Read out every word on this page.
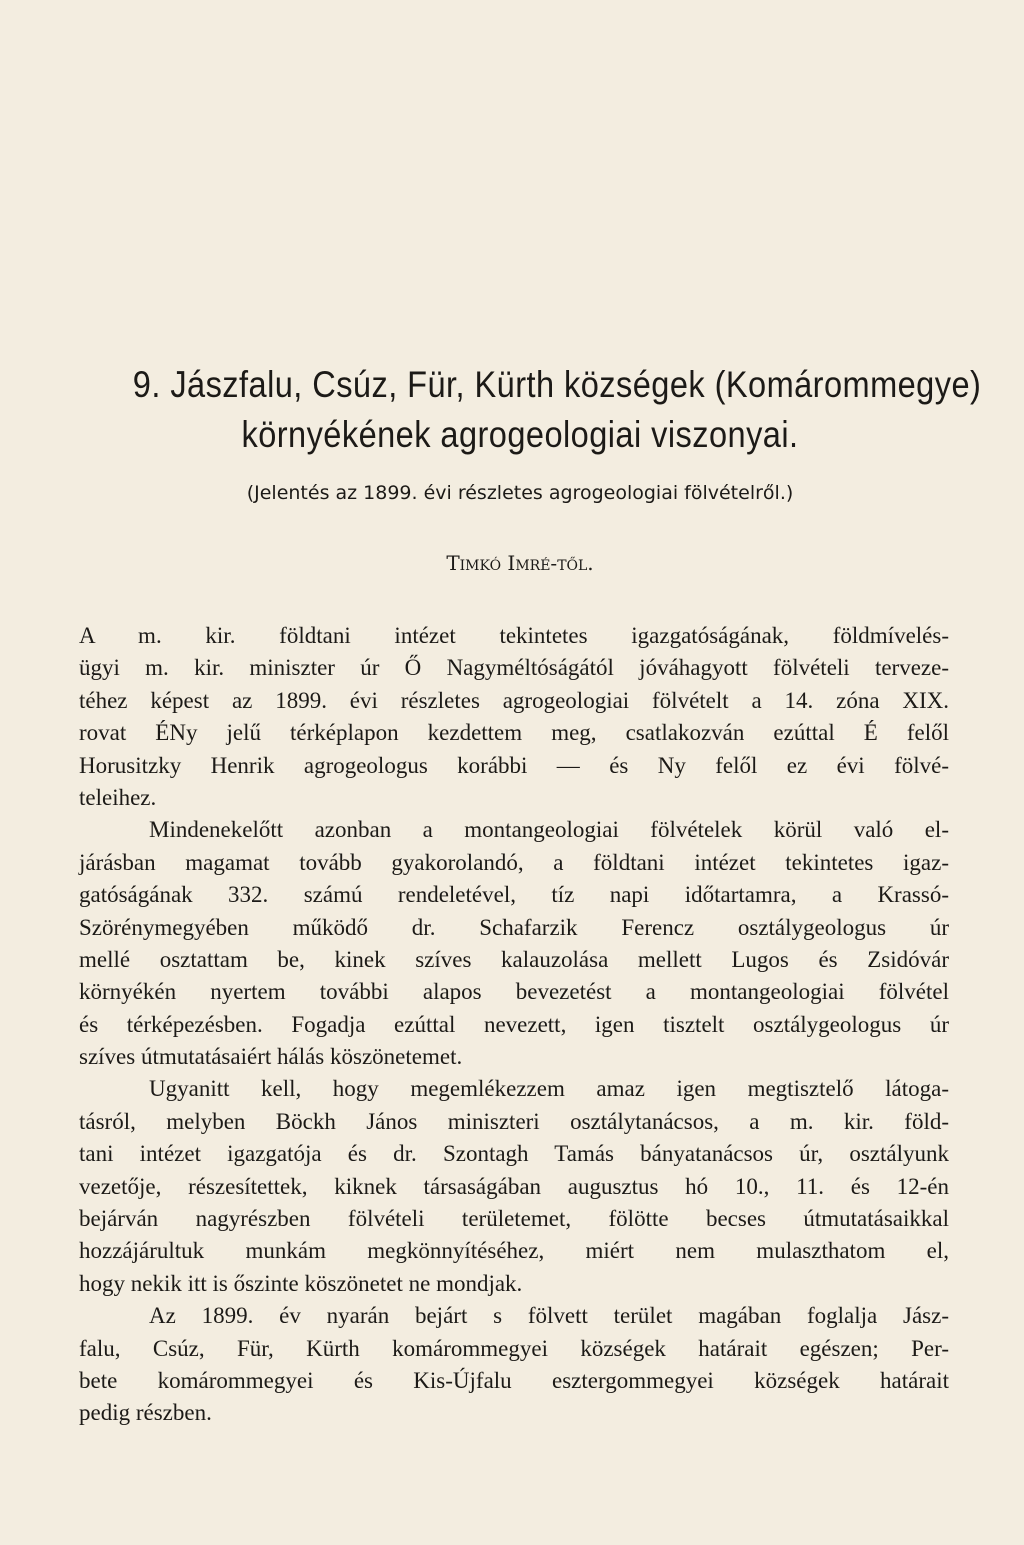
9. Jászfalu, Csúz, Für, Kürth községek (Komárommegye)
környékének agrogeologiai viszonyai.
(Jelentés az 1899. évi részletes agrogeologiai fölvételről.)
Timkó Imré-től.
A m. kir. földtani intézet tekintetes igazgatóságának, földmívelés-
ügyi m. kir. miniszter úr Ő Nagyméltóságától jóváhagyott fölvételi terveze-
téhez képest az 1899. évi részletes agrogeologiai fölvételt a 14. zóna XIX.
rovat ÉNy jelű térképlapon kezdettem meg, csatlakozván ezúttal É felől
Horusitzky Henrik agrogeologus korábbi — és Ny felől ez évi fölvé-
teleihez.
Mindenekelőtt azonban a montangeologiai fölvételek körül való el-
járásban magamat tovább gyakorolandó, a földtani intézet tekintetes igaz-
gatóságának 332. számú rendeletével, tíz napi időtartamra, a Krassó-
Szörénymegyében működő dr. Schafarzik Ferencz osztálygeologus úr
mellé osztattam be, kinek szíves kalauzolása mellett Lugos és Zsidóvár
környékén nyertem további alapos bevezetést a montangeologiai fölvétel
és térképezésben. Fogadja ezúttal nevezett, igen tisztelt osztálygeologus úr
szíves útmutatásaiért hálás köszönetemet.
Ugyanitt kell, hogy megemlékezzem amaz igen megtisztelő látoga-
tásról, melyben Böckh János miniszteri osztálytanácsos, a m. kir. föld-
tani intézet igazgatója és dr. Szontagh Tamás bányatanácsos úr, osztályunk
vezetője, részesítettek, kiknek társaságában augusztus hó 10., 11. és 12-én
bejárván nagyrészben fölvételi területemet, fölötte becses útmutatásaikkal
hozzájárultuk munkám megkönnyítéséhez, miért nem mulaszthatom el,
hogy nekik itt is őszinte köszönetet ne mondjak.
Az 1899. év nyarán bejárt s fölvett terület magában foglalja Jász-
falu, Csúz, Für, Kürth komárommegyei községek határait egészen; Per-
bete komárommegyei és Kis-Újfalu esztergommegyei községek határait
pedig részben.
